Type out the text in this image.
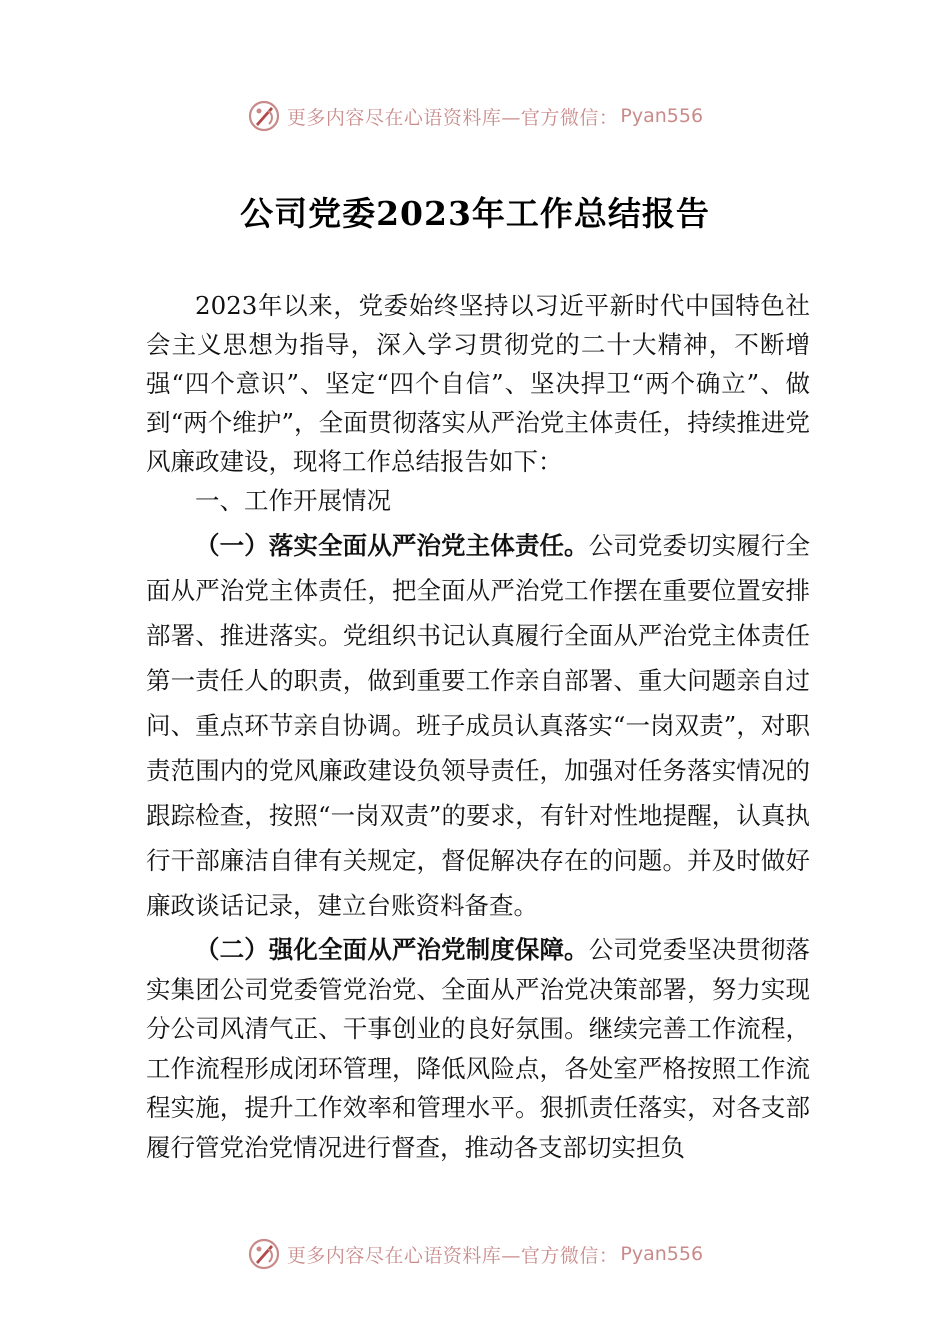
更多内容尽在心语资料库—官方微信： Pyan556
公司党委2023年工作总结报告

2023年以来，党委始终坚持以习近平新时代中国特色社会主义思想为指导，深入学习贯彻党的二十大精神，不断增强“四个意识”、坚定“四个自信”、坚决捍卫“两个确立”、做到“两个维护”，全面贯彻落实从严治党主体责任，持续推进党风廉政建设，现将工作总结报告如下：

一、工作开展情况

（一）落实全面从严治党主体责任。公司党委切实履行全面从严治党主体责任，把全面从严治党工作摆在重要位置安排部署、推进落实。党组织书记认真履行全面从严治党主体责任第一责任人的职责，做到重要工作亲自部署、重大问题亲自过问、重点环节亲自协调。班子成员认真落实“一岗双责”，对职责范围内的党风廉政建设负领导责任，加强对任务落实情况的跟踪检查，按照“一岗双责”的要求，有针对性地提醒，认真执行干部廉洁自律有关规定，督促解决存在的问题。并及时做好廉政谈话记录，建立台账资料备查。

（二）强化全面从严治党制度保障。公司党委坚决贯彻落实集团公司党委管党治党、全面从严治党决策部署，努力实现分公司风清气正、干事创业的良好氛围。继续完善工作流程，工作流程形成闭环管理，降低风险点，各处室严格按照工作流程实施，提升工作效率和管理水平。狠抓责任落实，对各支部履行管党治党情况进行督查，推动各支部切实担负

更多内容尽在心语资料库—官方微信： Pyan556
